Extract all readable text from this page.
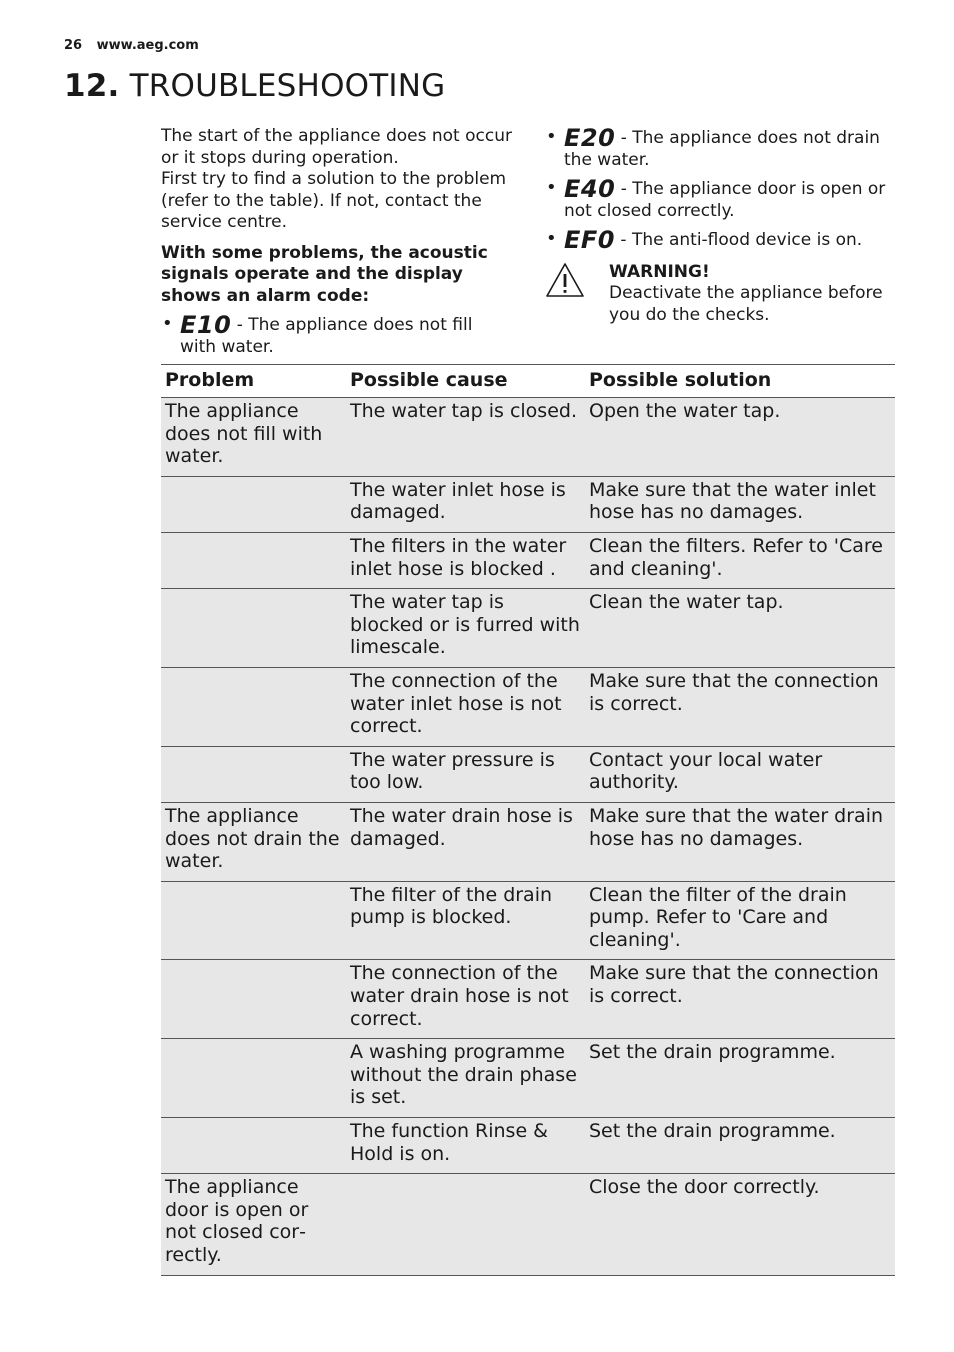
26 www.aeg.com
12. TROUBLESHOOTING

The start of the appliance does not occur or it stops during operation.

First try to find a solution to the problem (refer to the table). If not, contact the service centre.

With some problems, the acoustic signals operate and the display shows an alarm code:

• E10 - The appliance does not fill with water.
• E20 - The appliance does not drain the water.
• E40 - The appliance door is open or not closed correctly.
• EF0 - The anti-flood device is on.
WARNING!
Deactivate the appliance before you do the checks.
Problem	Possible cause	Possible solution
The appliance does not fill with water.	The water tap is closed.	Open the water tap.
	The water inlet hose is damaged.	Make sure that the water inlet hose has no damages.
	The filters in the water inlet hose is blocked .	Clean the filters. Refer to 'Care and cleaning'.
	The water tap is blocked or is furred with limescale.	Clean the water tap.
	The connection of the water inlet hose is not correct.	Make sure that the connection is correct.
	The water pressure is too low.	Contact your local water authority.
The appliance does not drain the water.	The water drain hose is damaged.	Make sure that the water drain hose has no damages.
	The filter of the drain pump is blocked.	Clean the filter of the drain pump. Refer to 'Care and cleaning'.
	The connection of the water drain hose is not correct.	Make sure that the connection is correct.
	A washing programme without the drain phase is set.	Set the drain programme.
	The function Rinse & Hold is on.	Set the drain programme.
The appliance door is open or not closed correctly.		Close the door correctly.
